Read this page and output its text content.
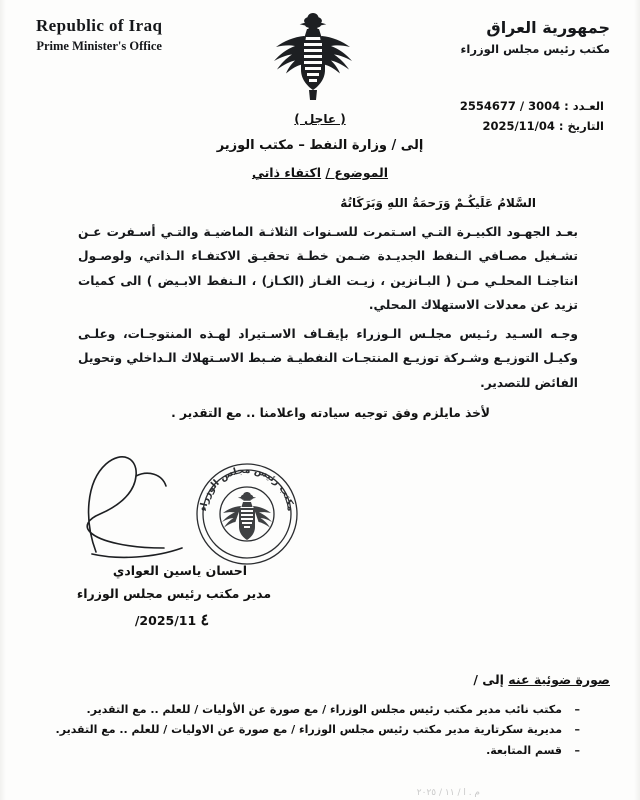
Republic of Iraq
Prime Minister's Office
جمهورية العراق
مكتب رئيس مجلس الوزراء
العـدد : 3004 / 2554677
التاريخ : 2025/11/04
( عاجل )
إلى / وزارة النفط – مكتب الوزير
الموضوع / اكتفاء ذاتي
السَّلامُ عَلَيكُـمْ وَرَحمَةُ اللهِ وَبَرَكَاتُهُ
بعـد الجهـود الكبيـرة التـي اسـتمرت للسـنوات الثلاثـة الماضيـة والتـي أسـفرت عـن تشـغيل مصـافي الـنفط الجديـدة ضـمن خطـة تحقيـق الاكتفـاء الـذاتي، ولوصـول انتاجنـا المحلـي مـن ( البـانزين ، زيـت الغـاز (الكـاز) ، الـنفط الابـيض ) الى كميات تزيد عن معدلات الاستهلاك المحلي.
وجـه السـيد رئـيس مجلـس الـوزراء بإيقـاف الاسـتيراد لهـذه المنتوجـات، وعلـى وكيـل التوزيـع وشـركة توزيـع المنتجـات النفطيـة ضـبط الاسـتهلاك الـداخلي وتحويل الفائض للتصدير.
لأخذ مايلزم وفق توجيه سيادته واعلامنا .. مع التقدير .
مكتب رئيس مجلس الوزراء
احسان ياسين العوادي
مدير مكتب رئيس مجلس الوزراء
٤ 2025/11/
صورة ضوئية عنه إلى /
–
مكتب نائب مدير مكتب رئيس مجلس الوزراء / مع صورة عن الأوليات / للعلم .. مع التقدير.
–
مديرية سكرتارية مدير مكتب رئيس مجلس الوزراء / مع صورة عن الاوليات / للعلم .. مع التقدير.
–
قسم المتابعة.
م . ا / ١١ / ٢٠٢٥
